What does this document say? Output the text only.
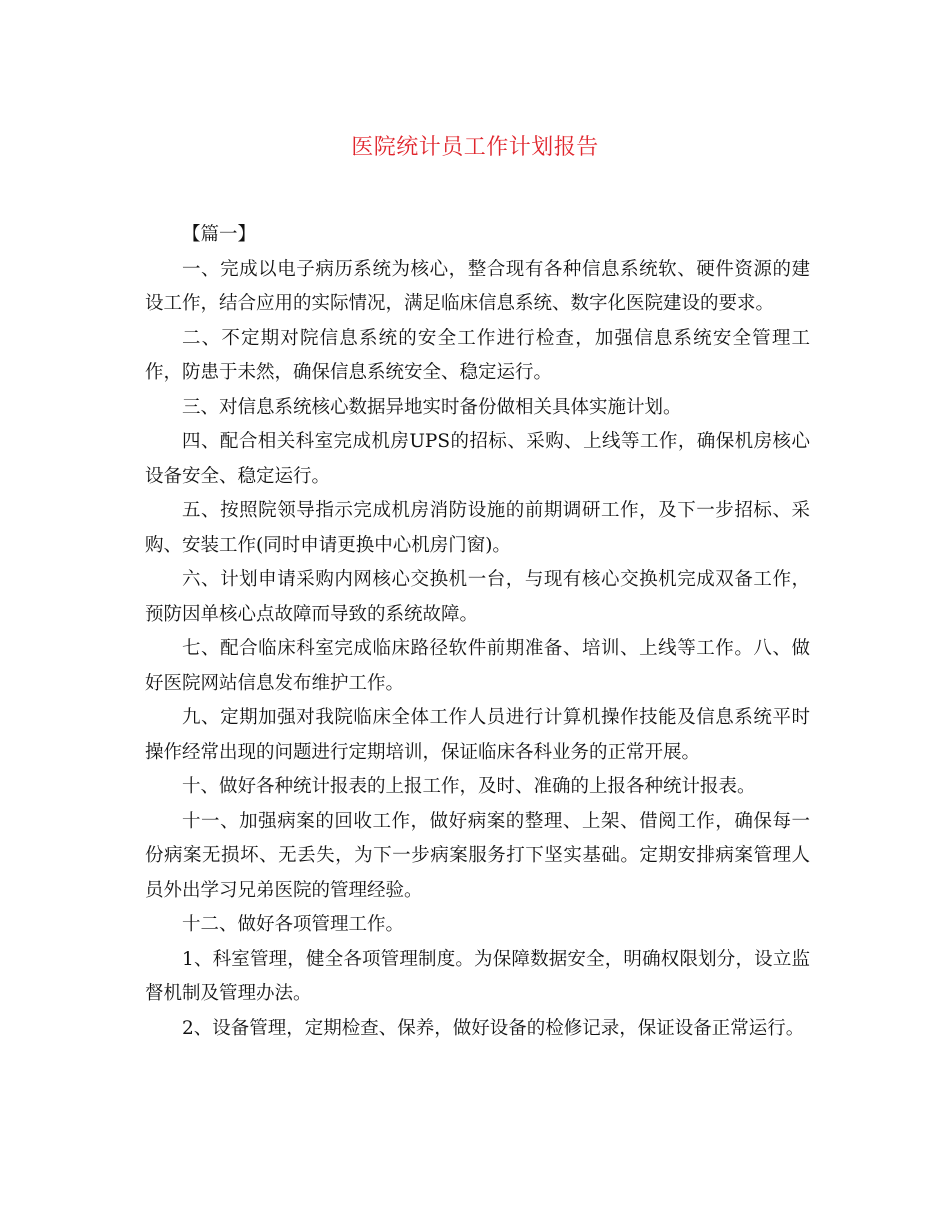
医院统计员工作计划报告

【篇一】

一、完成以电子病历系统为核心，整合现有各种信息系统软、硬件资源的建设工作，结合应用的实际情况，满足临床信息系统、数字化医院建设的要求。

二、不定期对院信息系统的安全工作进行检查，加强信息系统安全管理工作，防患于未然，确保信息系统安全、稳定运行。

三、对信息系统核心数据异地实时备份做相关具体实施计划。

四、配合相关科室完成机房UPS的招标、采购、上线等工作，确保机房核心设备安全、稳定运行。

五、按照院领导指示完成机房消防设施的前期调研工作，及下一步招标、采购、安装工作(同时申请更换中心机房门窗)。

六、计划申请采购内网核心交换机一台，与现有核心交换机完成双备工作，预防因单核心点故障而导致的系统故障。

七、配合临床科室完成临床路径软件前期准备、培训、上线等工作。八、做好医院网站信息发布维护工作。

九、定期加强对我院临床全体工作人员进行计算机操作技能及信息系统平时操作经常出现的问题进行定期培训，保证临床各科业务的正常开展。

十、做好各种统计报表的上报工作，及时、准确的上报各种统计报表。

十一、加强病案的回收工作，做好病案的整理、上架、借阅工作，确保每一份病案无损坏、无丢失，为下一步病案服务打下坚实基础。定期安排病案管理人员外出学习兄弟医院的管理经验。

十二、做好各项管理工作。

1、科室管理，健全各项管理制度。为保障数据安全，明确权限划分，设立监督机制及管理办法。

2、设备管理，定期检查、保养，做好设备的检修记录，保证设备正常运行。
